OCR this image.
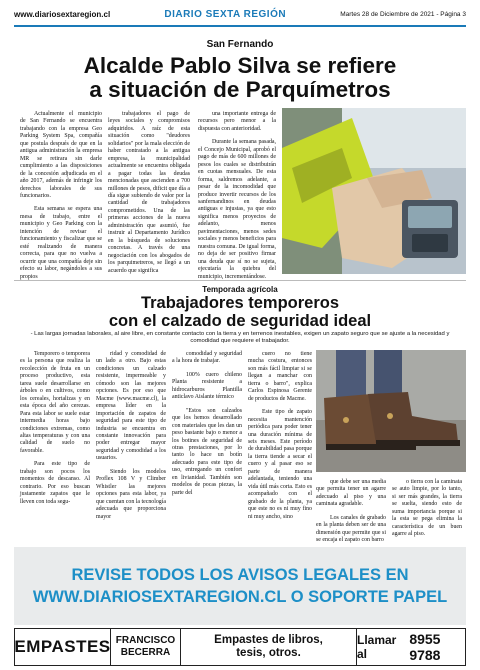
www.diariosextaregion.cl	DIARIO SEXTA REGIÓN	Martes 28 de Diciembre de 2021 - Página 3
San Fernando
Alcalde Pablo Silva se refiere
a situación de Parquímetros

Actualmente el municipio de San Fernando se encuentra trabajando con la empresa Geo Parking System Spa, compañía que postula después de que en la antigua administración la empresa MR se retirara sin darle cumplimiento a las disposiciones de la concesión adjudicada en el año 2017, además de infringir los derechos laborales de sus funcionarios.

Esta semana se espera una mesa de trabajo, entre el municipio y Geo Parking con la intención de revisar el funcionamiento y fiscalizar que se esté realizando de manera correcta, para que no vuelva a ocurrir que una compañía deje sin efecto su labor, negándoles a sus propios

trabajadores el pago de leyes sociales y compromisos adquiridos. A raíz de esta situación como "deudores solidarios" por la mala elección de haber contratado a la antigua empresa, la municipalidad actualmente se encuentra obligada a pagar todas las deudas mencionadas que ascienden a 700 millones de pesos, dificit que día a día sigue subiendo de valor por la cantidad de trabajadores comprometidos. Una de las primeras acciones de la nueva administración que asumió, fue instruir al Departamento Jurídico en la búsqueda de soluciones concretas. A través de una negociación con los abogados de los parquimetreros, se llegó a un acuerdo que significa

una importante entrega de recursos pero menor a la dispuesta con anterioridad.

Durante la semana pasada, el Concejo Municipal, aprobó el pago de más de 600 millones de pesos los cuales se distribuirán en cuotas mensuales. De esta forma, saldremos adelante, a pesar de la incomodidad que produce invertir recursos de los sanfernandinos en deudas antiguas e injustas, ya que esto significa menos proyectos de adelanto, menos pavimentaciones, menos sedes sociales y menos beneficios para nuestra comuna. De igual forma, no deja de ser positivo firmar una deuda que sí no se sujeta, ejecutaría la quiebra del municipio, incrementándose.

Temporada agrícola
Trabajadores temporeros
con el calzado de seguridad ideal
- Las largas jornadas laborales, al aire libre, en constante contacto con la tierra y en terrenos inestables, exigen un zapato seguro que se ajuste a la necesidad y comodidad que requiere el trabajador.

Temporero o temporera es la persona que realiza la recolección de fruta en un proceso productivo, esta tarea suele desarrollarse en árboles o en cultivos, como los cereales, hortalizas y en esta época del año cerezas. Para esta labor se suele estar intermedia horas bajo condiciones extremas, como altas temperaturas y con una calidad de suelo no favorable.

Para este tipo de trabajo son pocos los momentos de descanso. Al contrario. Por eso buscan justamente zapatos que le lleven con toda segu-

ridad y comodidad de un lado a otro. Bajo estas condiciones un calzado resistente, impermeable y cómodo son las mejores opciones. Es por eso que Macme (www.macme.cl), la empresa líder en la importación de zapatos de seguridad para este tipo de industria se encuentra en constante innovación para poder entregar mayor seguridad y comodidad a los usuarios.

Siendo los modelos Proflex 108 V y Climber Whistler las mejores opciones para esta labor, ya que cuentan con la tecnología adecuada que proporciona mayor

comodidad y seguridad a la hora de trabajar.

100% cuero chileno Planta resistente a hidrocarburos Plantilla anticlavo Aislante térmico

"Estos son calzados que los hemos desarrollado con materiales que les dan un peso bastante bajo o menor a los botines de seguridad de otras prestaciones, por lo tanto lo hace un botín adecuado para este tipo de uso, entregando un confort en livianidad. También son modelos de pocas piezas, la parte del

cuero no tiene mucha costura, entonces son más fácil limpiar si se llegan a manchar con tierra o barro", explica Carlos Espinosa Gerente de productos de Macme.

Este tipo de zapato necesita mantención periódica para poder tener una duración mínima de seis meses. Este período de durabilidad pasa porque la tierra tiende a secar el cuero y al pasar eso se parte de manera adelantada, teniendo una vida útil más corta. Esto es acompañado con el grabado de la planta, ya que este no es ni muy fino ni muy ancho, sino

que debe ser una media que permita tener un agarre adecuado al piso y una caminata agradable.

Los canales de grabado en la planta deben ser de una dimensión que permite que si se encaja el zapato con barro

o tierra con la caminata se auto limpie, por lo tanto, si ser más grandes, la tierra se suelta, siendo esto de suma importancia porque si la esta se pega elimina la característica de un buen agarre al piso.

REVISE TODOS LOS AVISOS LEGALES EN
WWW.DIARIOSEXTAREGION.CL O SOPORTE PAPEL
EMPASTES FRANCISCO
BECERRA
Empastes de libros,
tesis, otros.
Llamar al
8955 9788
